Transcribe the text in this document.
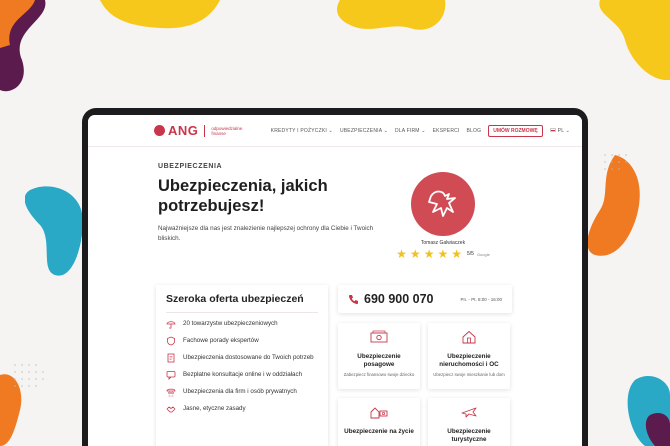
ANG	odpowiedzialne finanse	KREDYTY I POŻYCZKI ⌄ UBEZPIECZENIA ⌄ DLA FIRM ⌄ EKSPERCI BLOG	UMÓW ROZMOWĘ	PL ⌄
UBEZPIECZENIA
Ubezpieczenia, jakich potrzebujesz!
Najważniejsze dla nas jest znalezienie najlepszej ochrony dla Ciebie i Twoich bliskich.
Tomasz Galwiaczek
★ ★ ★ ★ ★ 5/5 Google
Szeroka oferta ubezpieczeń
20 towarzystw ubezpieczeniowych
Fachowe porady ekspertów
Ubezpieczenia dostosowane do Twoich potrzeb
Bezpłatne konsultacje online i w oddziałach
Ubezpieczenia dla firm i osób prywatnych
Jasne, etyczne zasady
690 900 070	Pn. - Pt. 8:00 - 16:00
Ubezpieczenie posagowe
Zabezpiecz finansowo swoje dziecko
Ubezpieczenie nieruchomości i OC
Ubezpiecz swoje mieszkanie lub dom
Ubezpieczenie na życie	Ubezpieczenie turystyczne
